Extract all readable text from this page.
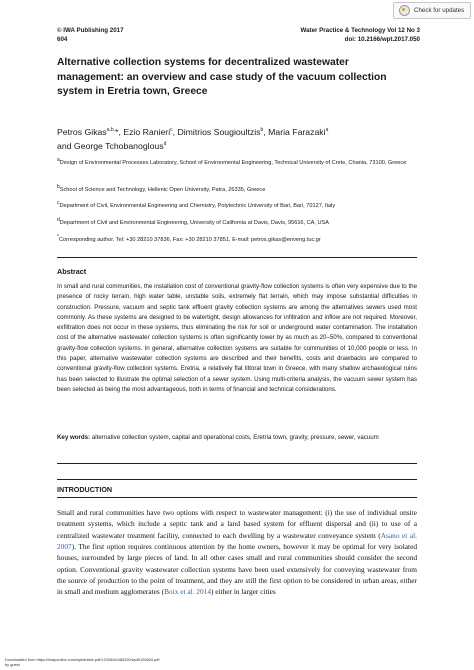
© IWA Publishing 2017
604
Water Practice & Technology Vol 12 No 3
doi: 10.2166/wpt.2017.050
Check for updates
Alternative collection systems for decentralized wastewater management: an overview and case study of the vacuum collection system in Eretria town, Greece
Petros Gikas$^{a,b,}$*, Ezio Ranieri$^c$, Dimitrios Sougioultzis$^b$, Maria Farazaki$^a$
and George Tchobanoglous$^d$
$^a$Design of Environmental Processes Laboratory, School of Environmental Engineering, Technical University of Crete, Chania, 73100, Greece
$^b$School of Science and Technology, Hellenic Open University, Patra, 26335, Greece
$^c$Department of Civil, Environmental Engineering and Chemistry, Polytechnic University of Bari, Bari, 70127, Italy
$^d$Department of Civil and Environmental Engineering, University of California at Davis, Davis, 95616, CA, USA
*Corresponding author. Tel: +30 28210 37836, Fax: +30 28210 37851, E-mail: petros.gikas@enveng.tuc.gr
Abstract
In small and rural communities, the installation cost of conventional gravity-flow collection systems is often very expensive due to the presence of rocky terrain, high water table, unstable soils, extremely flat terrain, which may impose substantial difficulties in construction. Pressure, vacuum and septic tank effluent gravity collection systems are among the alternatives sewers used most commonly. As these systems are designed to be watertight, design allowances for infiltration and inflow are not required. Moreover, exfiltration does not occur in these systems, thus eliminating the risk for soil or underground water contamination. The installation cost of the alternative wastewater collection systems is often significantly lower by as much as 20–50%, compared to conventional gravity-flow collection systems. In general, alternative collection systems are suitable for communities of 10,000 people or less. In this paper, alternative wastewater collection systems are described and their benefits, costs and drawbacks are compared to conventional gravity-flow collection systems. Eretria, a relatively flat littoral town in Greece, with many shallow archaeological ruins has been selected to illustrate the optimal selection of a sewer system. Using multi-criteria analysis, the vacuum sewer system has been selected as being the most advantageous, both in terms of financial and technical considerations.
Key words: alternative collection system, capital and operational costs, Eretria town, gravity, pressure, sewer, vacuum
INTRODUCTION
Small and rural communities have two options with respect to wastewater management: (i) the use of individual onsite treatment systems, which include a septic tank and a land based system for effluent dispersal and (ii) to use of a centralized wastewater treatment facility, connected to each dwelling by a wastewater conveyance system (Asano et al. 2007). The first option requires continuous attention by the home owners, however it may be optimal for very isolated houses, surrounded by large pieces of land. In all other cases small and rural communities should consider the second option. Conventional gravity wastewater collection systems have been used extensively for conveying wastewater from the source of production to the point of treatment, and they are still the first option to be considered in urban areas, either in small and medium agglomerates (Boix et al. 2014) either in larger cities
Downloaded from https://iwaponline.com/wpt/article-pdf/12/3/604/480320/wpt0120604.pdf
by guest
